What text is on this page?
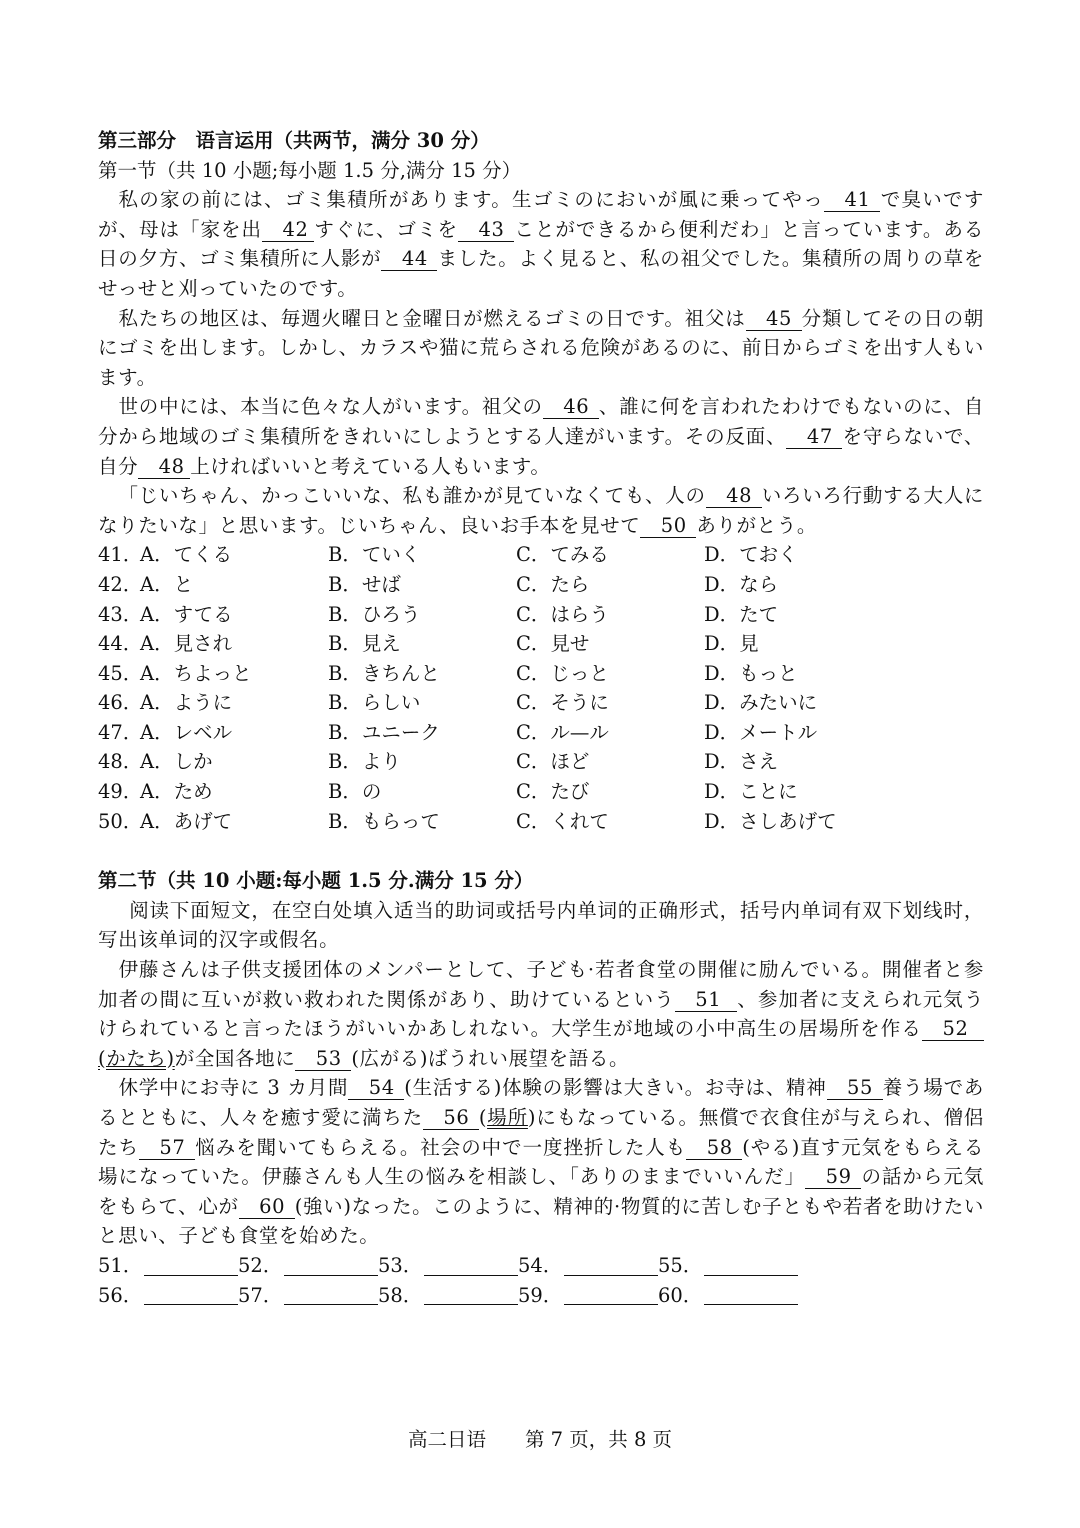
第三部分　语言运用（共两节，满分 30 分）

第一节（共 10 小题;每小题 1.5 分,满分 15 分）

私の家の前には、ゴミ集積所があります。生ゴミのにおいが風に乗ってやっ 41 で臭いですが、母は「家を出 42 すぐに、ゴミを 43 ことができるから便利だわ」と言っています。ある日の夕方、ゴミ集積所に人影が 44 ました。よく見ると、私の祖父でした。集積所の周りの草をせっせと刈っていたのです。

私たちの地区は、毎週火曜日と金曜日が燃えるゴミの日です。祖父は 45 分類してその日の朝にゴミを出します。しかし、カラスや猫に荒らされる危険があるのに、前日からゴミを出す人もいます。

世の中には、本当に色々な人がいます。祖父の 46 、誰に何を言われたわけでもないのに、自分から地域のゴミ集積所をきれいにしようとする人達がいます。その反面、 47 を守らないで、自分 48 上ければいいと考えている人もいます。

「じいちゃん、かっこいいな、私も誰かが見ていなくても、人の 48 いろいろ行動する大人になりたいな」と思います。じいちゃん、良いお手本を見せて 50 ありがとう。

41．
A．てくる	B．ていく	C．てみる	D．ておく
42．
A．と	B．せば	C．たら	D．なら
43．
A．すてる	B．ひろう	C．はらう	D．たて
44．
A．見され	B．見え	C．見せ	D．見
45．
A．ちよっと	B．きちんと	C．じっと	D．もっと
46．
A．ように	B．らしい	C．そうに	D．みたいに
47．
A．レベル	B．ユニーク	C．ル—ル	D．メートル
48．
A．しか	B．より	C．ほど	D．さえ
49．
A．ため	B．の	C．たび	D．ことに
50．
A．あげて	B．もらって	C．くれて	D．さしあげて

第二节（共 10 小题:每小题 1.5 分.满分 15 分）

阅读下面短文，在空白处填入适当的助词或括号内单词的正确形式，括号内单词有双下划线时，写出该单词的汉字或假名。

伊藤さんは子供支援团体のメンパーとして、子ども·若者食堂の開催に励んでいる。開催者と参加者の間に互いが救い救われた関係があり、助けているという 51 、参加者に支えられ元気うけられていると言ったほうがいいかあしれない。大学生が地域の小中高生の居場所を作る 52(かたち)が全国各地に 53 (広がる)ばうれい展望を語る。

休学中にお寺に 3 カ月間 54 (生活する)体験の影響は大きい。お寺は、精神 55 養う場であるとともに、人々を癒す愛に満ちた 56 (場所)にもなっている。無償で衣食住が与えられ、僧侶たち 57 悩みを聞いてもらえる。社会の中で一度挫折した人も 58 (やる)直す元気をもらえる場になっていた。伊藤さんも人生の悩みを相談し、「ありのままでいいんだ」 59 の話から元気をもらて、心が 60 (強い)なった。このように、精神的·物質的に苦しむ子ともや若者を助けたいと思い、子ども食堂を始めた。

51．	52．	53．	54．	55．
56．	57．	58．	59．	60．
高二日语　　第 7 页，共 8 页
